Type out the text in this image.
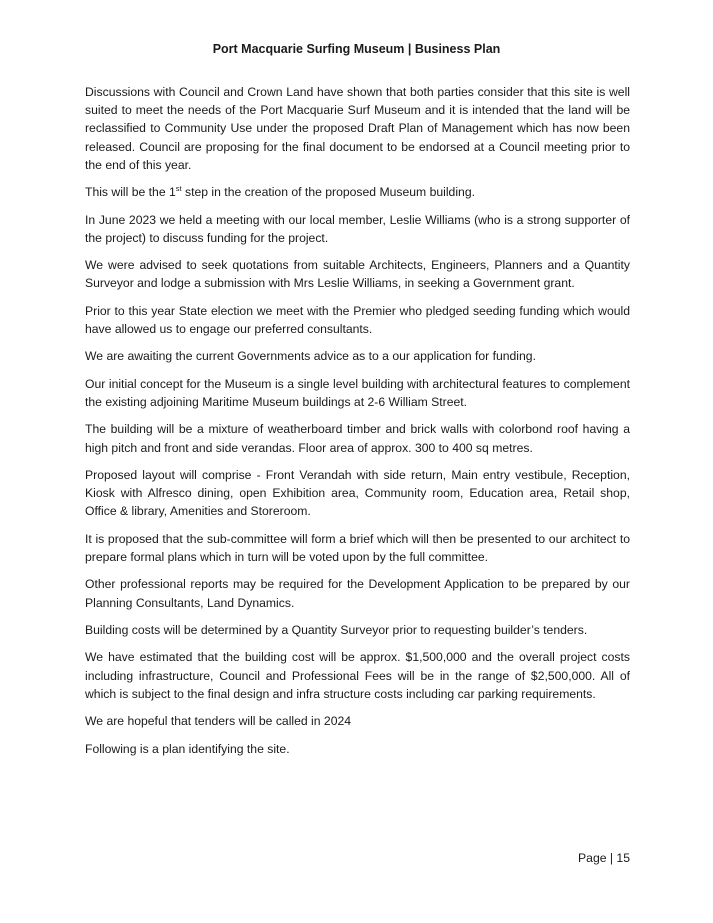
Port Macquarie Surfing Museum | Business Plan

Discussions with Council and Crown Land have shown that both parties consider that this site is well suited to meet the needs of the Port Macquarie Surf Museum and it is intended that the land will be reclassified to Community Use under the proposed Draft Plan of Management which has now been released. Council are proposing for the final document to be endorsed at a Council meeting prior to the end of this year.

This will be the 1st step in the creation of the proposed Museum building.

In June 2023 we held a meeting with our local member, Leslie Williams (who is a strong supporter of the project) to discuss funding for the project.

We were advised to seek quotations from suitable Architects, Engineers, Planners and a Quantity Surveyor and lodge a submission with Mrs Leslie Williams, in seeking a Government grant.

Prior to this year State election we meet with the Premier who pledged seeding funding which would have allowed us to engage our preferred consultants.

We are awaiting the current Governments advice as to a our application for funding.

Our initial concept for the Museum is a single level building with architectural features to complement the existing adjoining Maritime Museum buildings at 2-6 William Street.

The building will be a mixture of weatherboard timber and brick walls with colorbond roof having a high pitch and front and side verandas. Floor area of approx. 300 to 400 sq metres.

Proposed layout will comprise - Front Verandah with side return, Main entry vestibule, Reception, Kiosk with Alfresco dining, open Exhibition area, Community room, Education area, Retail shop, Office & library, Amenities and Storeroom.

It is proposed that the sub-committee will form a brief which will then be presented to our architect to prepare formal plans which in turn will be voted upon by the full committee.

Other professional reports may be required for the Development Application to be prepared by our Planning Consultants, Land Dynamics.

Building costs will be determined by a Quantity Surveyor prior to requesting builder’s tenders.

We have estimated that the building cost will be approx. $1,500,000 and the overall project costs including infrastructure, Council and Professional Fees will be in the range of $2,500,000. All of which is subject to the final design and infra structure costs including car parking requirements.

We are hopeful that tenders will be called in 2024

Following is a plan identifying the site.

Page | 15
